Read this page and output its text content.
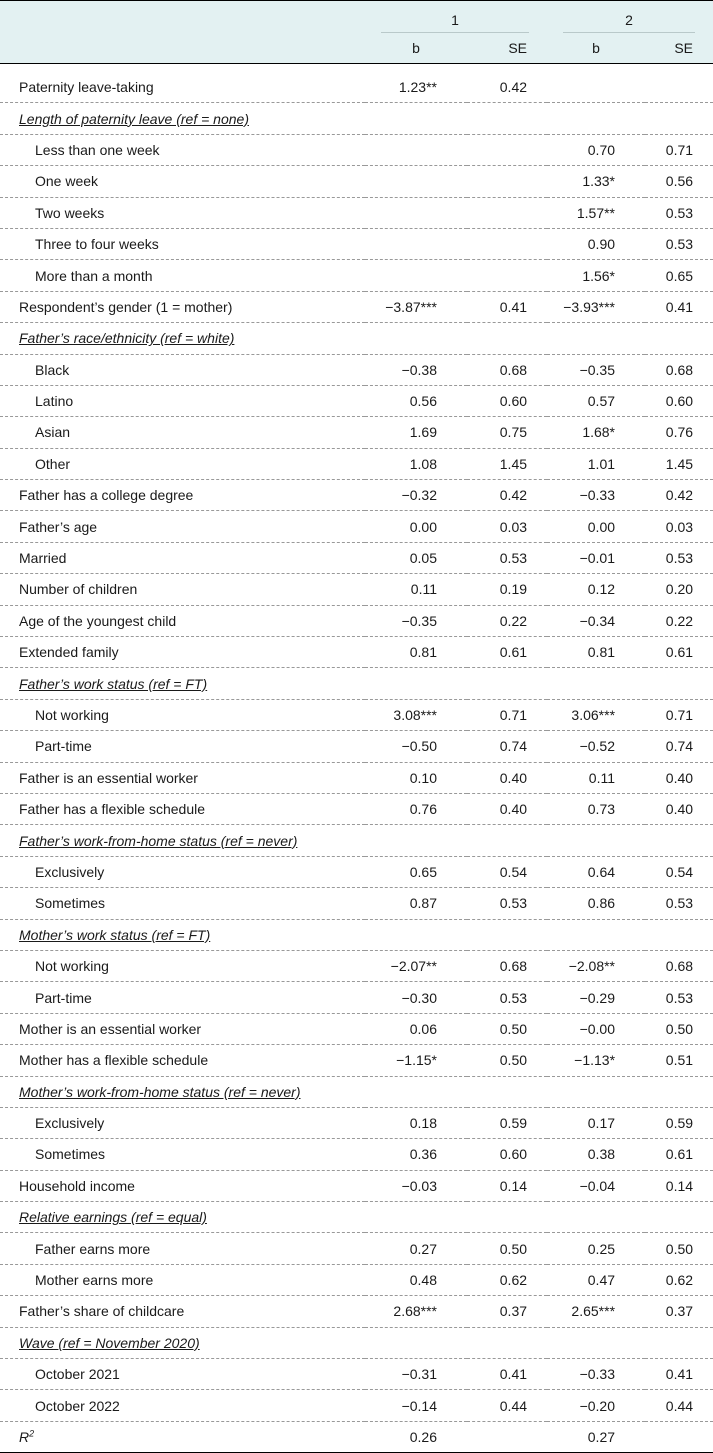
	1		2	

	b	SE	b	SE

Paternity leave-taking	1.23**	0.42		
Length of paternity leave (ref = none)				
Less than one week			0.70	0.71
One week			1.33*	0.56
Two weeks			1.57**	0.53
Three to four weeks			0.90	0.53
More than a month			1.56*	0.65
Respondent’s gender (1 = mother)	−3.87***	0.41	−3.93***	0.41
Father’s race/ethnicity (ref = white)				
Black	−0.38	0.68	−0.35	0.68
Latino	0.56	0.60	0.57	0.60
Asian	1.69	0.75	1.68*	0.76
Other	1.08	1.45	1.01	1.45
Father has a college degree	−0.32	0.42	−0.33	0.42
Father’s age	0.00	0.03	0.00	0.03
Married	0.05	0.53	−0.01	0.53
Number of children	0.11	0.19	0.12	0.20
Age of the youngest child	−0.35	0.22	−0.34	0.22
Extended family	0.81	0.61	0.81	0.61
Father’s work status (ref = FT)				
Not working	3.08***	0.71	3.06***	0.71
Part-time	−0.50	0.74	−0.52	0.74
Father is an essential worker	0.10	0.40	0.11	0.40
Father has a flexible schedule	0.76	0.40	0.73	0.40
Father’s work-from-home status (ref = never)				
Exclusively	0.65	0.54	0.64	0.54
Sometimes	0.87	0.53	0.86	0.53
Mother’s work status (ref = FT)				
Not working	−2.07**	0.68	−2.08**	0.68
Part-time	−0.30	0.53	−0.29	0.53
Mother is an essential worker	0.06	0.50	−0.00	0.50
Mother has a flexible schedule	−1.15*	0.50	−1.13*	0.51
Mother’s work-from-home status (ref = never)				
Exclusively	0.18	0.59	0.17	0.59
Sometimes	0.36	0.60	0.38	0.61
Household income	−0.03	0.14	−0.04	0.14
Relative earnings (ref = equal)				
Father earns more	0.27	0.50	0.25	0.50
Mother earns more	0.48	0.62	0.47	0.62
Father’s share of childcare	2.68***	0.37	2.65***	0.37
Wave (ref = November 2020)				
October 2021	−0.31	0.41	−0.33	0.41
October 2022	−0.14	0.44	−0.20	0.44
$R^2$	0.26		0.27	
